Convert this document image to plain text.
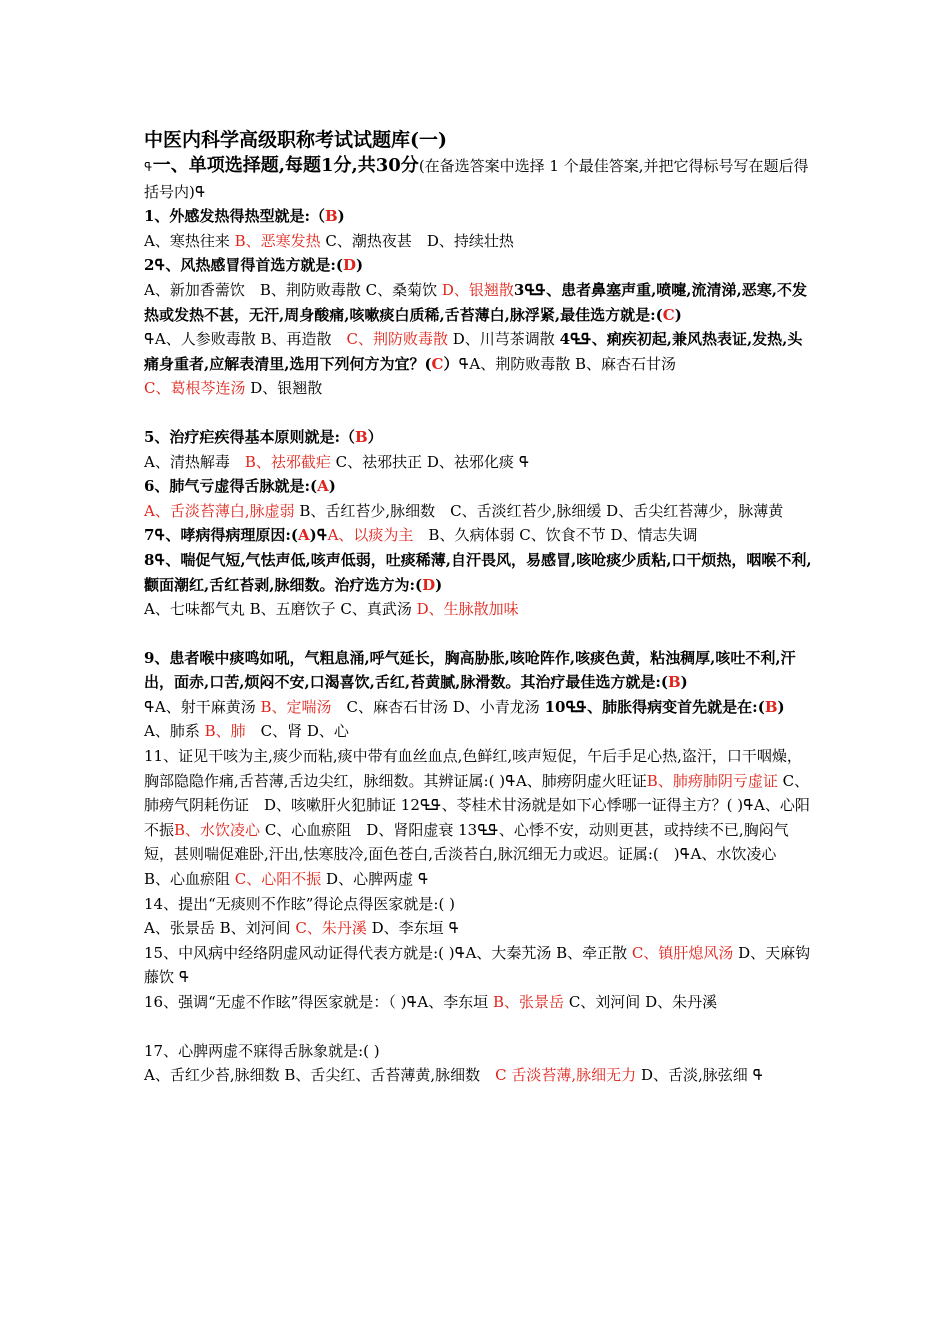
中医内科学高级职称考试试题库(一)

ߟ一、单项选择题,每题1分,共30分(在备选答案中选择 1 个最佳答案,并把它得标号写在题后得括号内)ߟ

1、外感发热得热型就是:（B)

A、寒热往来 B、恶寒发热 C、潮热夜甚　D、持续壮热

2ߟ、风热感冒得首选方就是:(D)

A、新加香薷饮　B、荆防败毒散 C、桑菊饮 D、银翘散3ߟߟ、患者鼻塞声重,喷嚏,流清涕,恶寒,不发热或发热不甚，无汗,周身酸痛,咳嗽痰白质稀,舌苔薄白,脉浮紧,最佳选方就是:(C)

ߟA、人参败毒散 B、再造散　C、荆防败毒散 D、川芎茶调散 4ߟߟ、痢疾初起,兼风热表证,发热,头痛身重者,应解表清里,选用下列何方为宜？(C）ߟA、荆防败毒散 B、麻杏石甘汤
C、葛根芩连汤 D、银翘散

5、治疗疟疾得基本原则就是:（B）

A、清热解毒　B、祛邪截疟 C、祛邪扶正 D、祛邪化痰 ߟ

6、肺气亏虚得舌脉就是:(A)

A、舌淡苔薄白,脉虚弱 B、舌红苔少,脉细数　C、舌淡红苔少,脉细缓 D、舌尖红苔薄少，脉薄黄

7ߟ、哮病得病理原因:(A)ߟA、以痰为主　B、久病体弱 C、饮食不节 D、情志失调

8ߟ、喘促气短,气怯声低,咳声低弱，吐痰稀薄,自汗畏风，易感冒,咳呛痰少质粘,口干烦热，咽喉不利,颧面潮红,舌红苔剥,脉细数。治疗选方为:(D)

A、七味都气丸 B、五磨饮子 C、真武汤 D、生脉散加味

9、患者喉中痰鸣如吼，气粗息涌,呼气延长，胸高胁胀,咳呛阵作,咳痰色黄，粘浊稠厚,咳吐不利,汗出，面赤,口苦,烦闷不安,口渴喜饮,舌红,苔黄腻,脉滑数。其治疗最佳选方就是:(B)

ߟA、射干麻黄汤 B、定喘汤　C、麻杏石甘汤 D、小青龙汤 10ߟߟ、肺胀得病变首先就是在:(B)

A、肺系 B、肺　C、肾 D、心

11、证见干咳为主,痰少而粘,痰中带有血丝血点,色鲜红,咳声短促，午后手足心热,盗汗，口干咽燥，胸部隐隐作痛,舌苔薄,舌边尖红，脉细数。其辨证属:( )ߟA、肺痨阴虚火旺证B、肺痨肺阴亏虚证 C、肺痨气阴耗伤证　D、咳嗽肝火犯肺证 12ߟߟ、苓桂术甘汤就是如下心悸哪一证得主方？( )ߟA、心阳不振B、水饮凌心 C、心血瘀阻　D、肾阳虚衰 ߟߟ13、心悸不安，动则更甚，或持续不已,胸闷气短，甚则喘促难卧,汗出,怯寒肢冷,面色苍白,舌淡苔白,脉沉细无力或迟。证属:(　)ߟA、水饮凌心　B、心血瘀阻 C、心阳不振 D、心脾两虚 ߟ

14、提出“无痰则不作眩”得论点得医家就是:( )

A、张景岳 B、刘河间 C、朱丹溪 D、李东垣 ߟ

15、中风病中经络阴虚风动证得代表方就是:( )ߟA、大秦艽汤 B、牵正散 C、镇肝熄风汤 D、天麻钩藤饮 ߟ

16、强调“无虚不作眩”得医家就是：（ )ߟA、李东垣 B、张景岳 C、刘河间 D、朱丹溪

17、心脾两虚不寐得舌脉象就是:( )

A、舌红少苔,脉细数 B、舌尖红、舌苔薄黄,脉细数　C 舌淡苔薄,脉细无力 D、舌淡,脉弦细 ߟ
